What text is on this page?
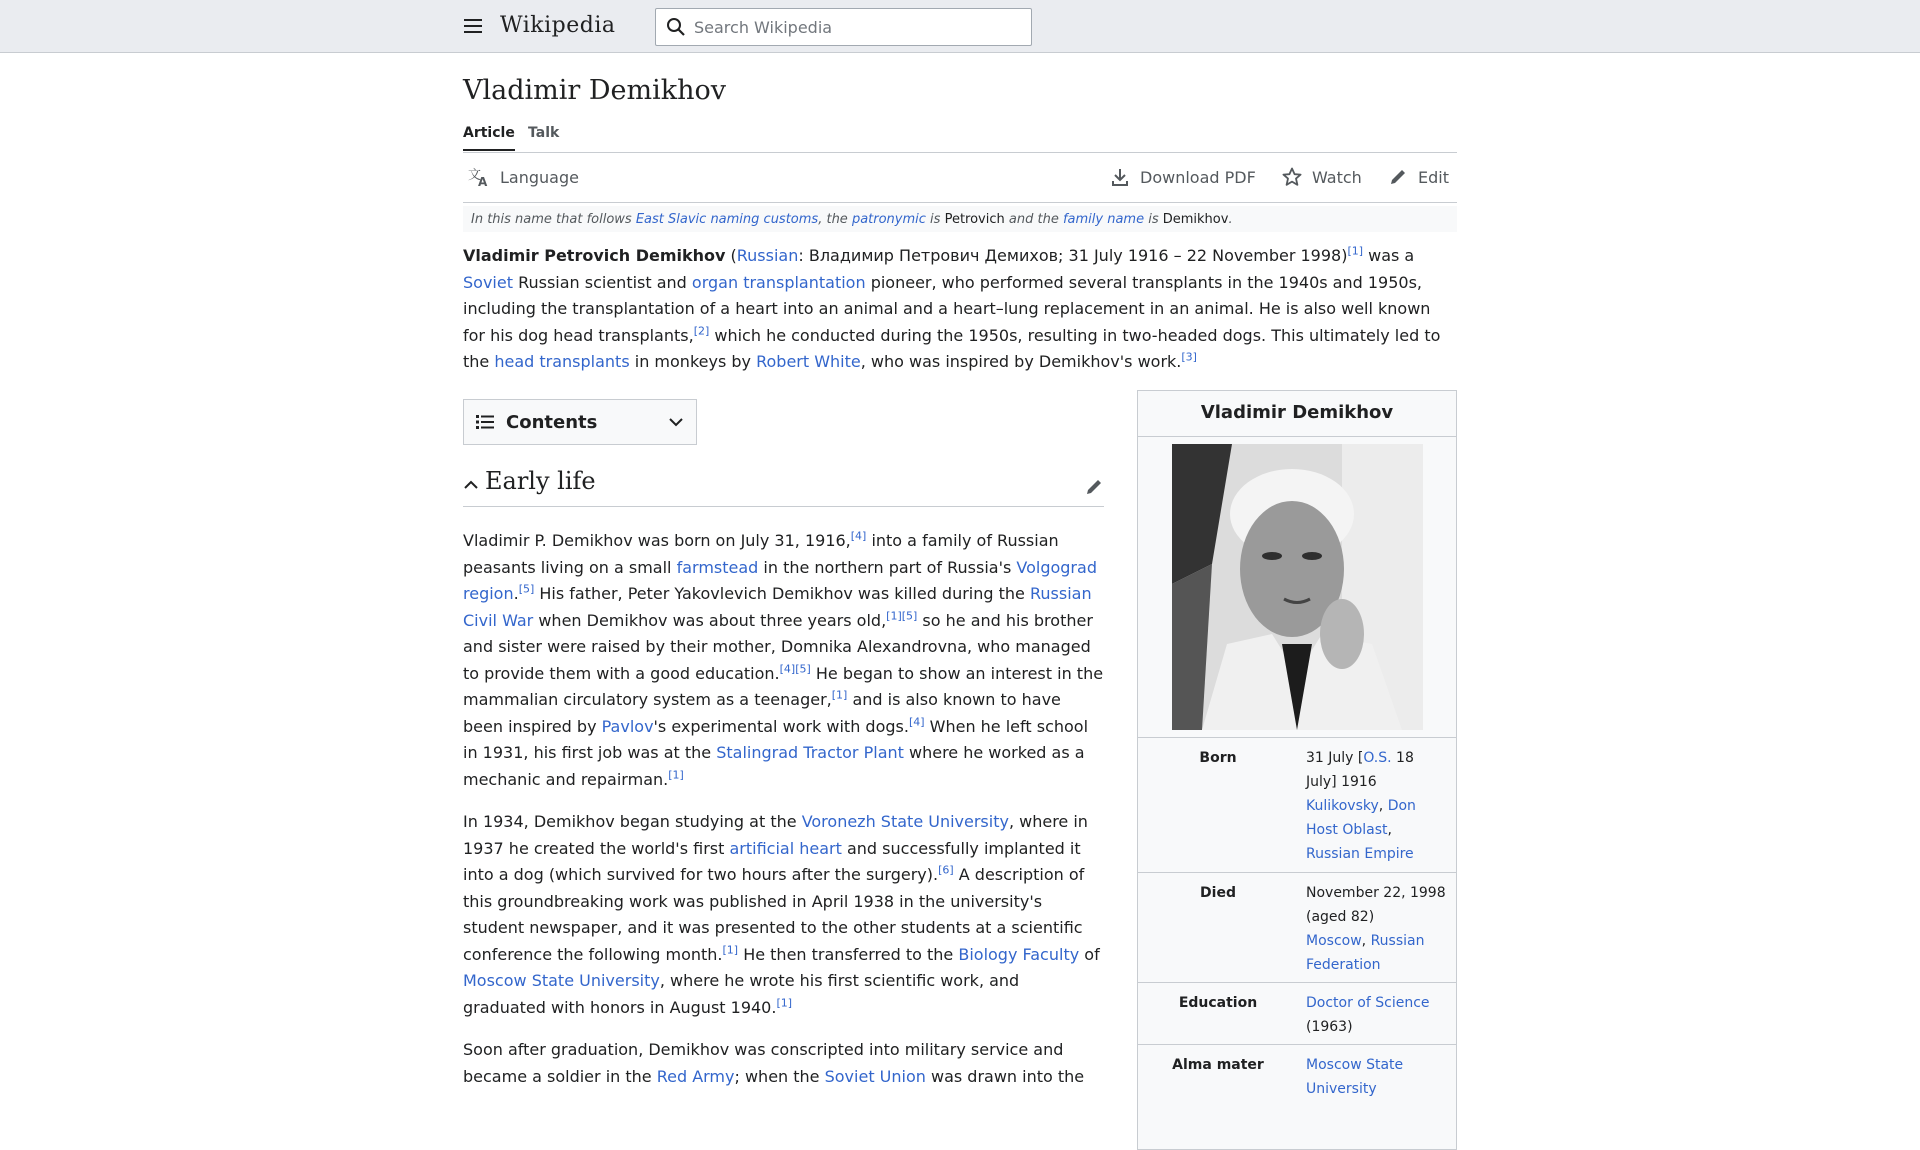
Wikipedia
Search Wikipedia
Vladimir Demikhov
Article Talk
文
A Language	Download PDF	Watch	Edit
In this name that follows East Slavic naming customs, the patronymic is Petrovich and the family name is Demikhov.

Vladimir Petrovich Demikhov (Russian: Владимир Петрович Демихов; 31 July 1916 – 22 November 1998)[1] was a Soviet Russian scientist and organ transplantation pioneer, who performed several transplants in the 1940s and 1950s, including the transplantation of a heart into an animal and a heart–lung replacement in an animal. He is also well known for his dog head transplants,[2] which he conducted during the 1950s, resulting in two-headed dogs. This ultimately led to the head transplants in monkeys by Robert White, who was inspired by Demikhov's work.[3]

Contents
Early life

Vladimir P. Demikhov was born on July 31, 1916,[4] into a family of Russian peasants living on a small farmstead in the northern part of Russia's Volgograd region.[5] His father, Peter Yakovlevich Demikhov was killed during the Russian Civil War when Demikhov was about three years old,[1][5] so he and his brother and sister were raised by their mother, Domnika Alexandrovna, who managed to provide them with a good education.[4][5] He began to show an interest in the mammalian circulatory system as a teenager,[1] and is also known to have been inspired by Pavlov's experimental work with dogs.[4] When he left school in 1931, his first job was at the Stalingrad Tractor Plant where he worked as a mechanic and repairman.[1]

In 1934, Demikhov began studying at the Voronezh State University, where in 1937 he created the world's first artificial heart and successfully implanted it into a dog (which survived for two hours after the surgery).[6] A description of this groundbreaking work was published in April 1938 in the university's student newspaper, and it was presented to the other students at a scientific conference the following month.[1] He then transferred to the Biology Faculty of Moscow State University, where he wrote his first scientific work, and graduated with honors in August 1940.[1]

Soon after graduation, Demikhov was conscripted into military service and became a soldier in the Red Army; when the Soviet Union was drawn into the

Vladimir Demikhov
Born	31 July [O.S. 18 July] 1916
Kulikovsky, Don Host Oblast,
Russian Empire
Died	November 22, 1998 (aged 82)
Moscow, Russian Federation
Education	Doctor of Science
(1963)
Alma mater	Moscow State University
